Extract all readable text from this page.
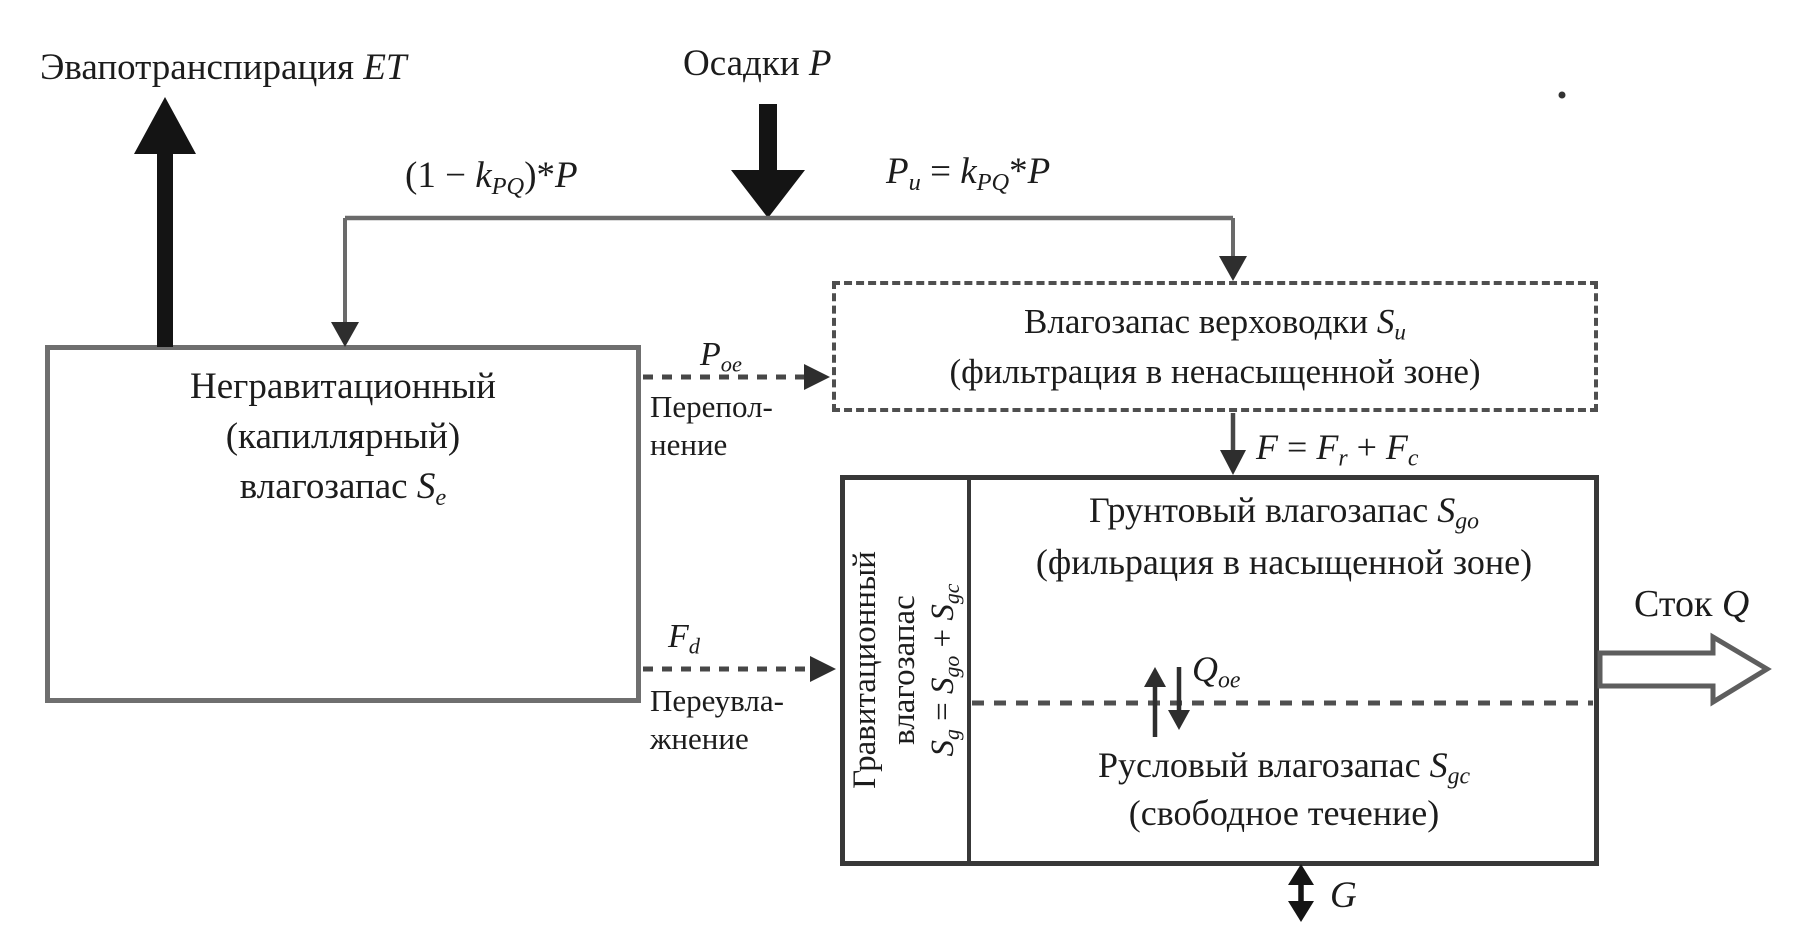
Негравитационный
(капиллярный)
влагозапас $S_e$
Влагозапас верховодки $S_u$
(фильтрация в ненасыщенной зоне)
Гравитационный влагозапас
$S_g = S_{go} + S_{gc}$
Грунтовый влагозапас $S_{go}$
(фильрация в насыщенной зоне)
Русловый влагозапас $S_{gc}$
(свободное течение)
Эвапотранспирация ET	Осадки P
$(1 - k_{PQ})*P$	$P_u = k_{PQ}*P$
$P_{oe}$
Перепол-
нение
$F_d$
Переувла-
жнение
$F = F_r + F_c$
$Q_{oe}$
Сток Q
G
